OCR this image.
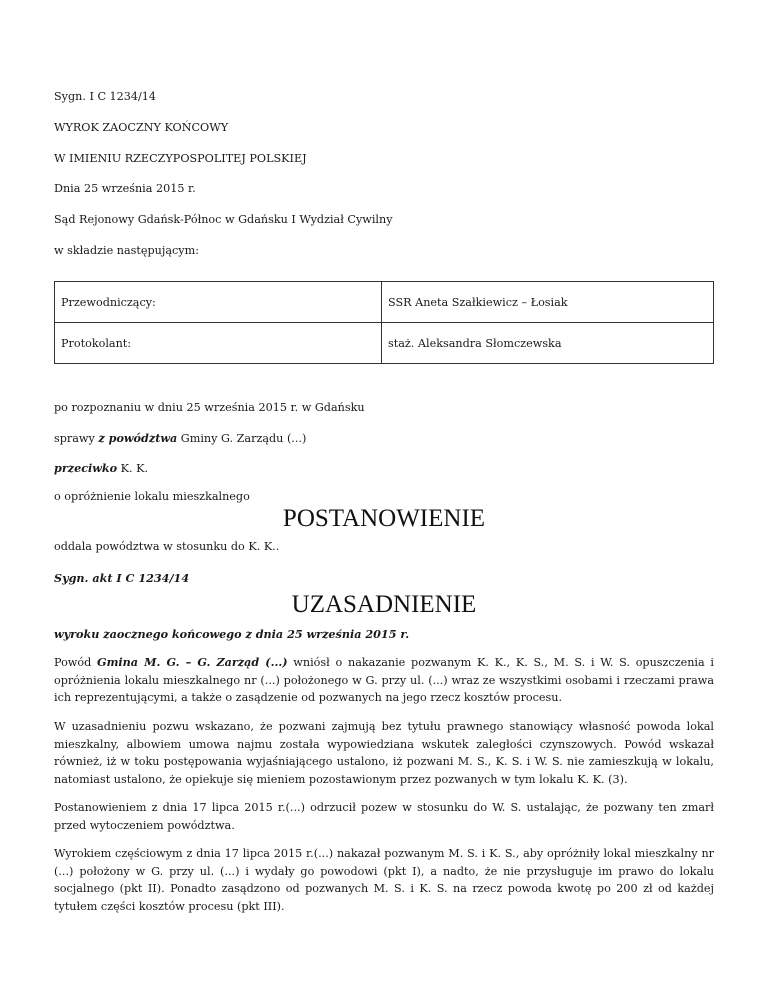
Sygn. I C 1234/14
WYROK ZAOCZNY KOŃCOWY
W IMIENIU RZECZYPOSPOLITEJ POLSKIEJ
Dnia 25 września 2015 r.
Sąd Rejonowy Gdańsk-Północ w Gdańsku I Wydział Cywilny
w składzie następującym:
Przewodniczący:	SSR Aneta Szałkiewicz – Łosiak
Protokolant:	staż. Aleksandra Słomczewska
po rozpoznaniu w dniu 25 września 2015 r. w Gdańsku
sprawy z powództwa Gminy G. Zarządu (...)
przeciwko K. K.
o opróżnienie lokalu mieszkalnego
POSTANOWIENIE
oddala powództwa w stosunku do K. K..
Sygn. akt I C 1234/14
UZASADNIENIE
wyroku zaocznego końcowego z dnia 25 września 2015 r.
Powód Gmina M. G. – G. Zarząd (...) wniósł o nakazanie pozwanym K. K., K. S., M. S. i W. S. opuszczenia i opróżnienia lokalu mieszkalnego nr (...) położonego w G. przy ul. (...) wraz ze wszystkimi osobami i rzeczami prawa ich reprezentującymi, a także o zasądzenie od pozwanych na jego rzecz kosztów procesu.
W uzasadnieniu pozwu wskazano, że pozwani zajmują bez tytułu prawnego stanowiący własność powoda lokal mieszkalny, albowiem umowa najmu została wypowiedziana wskutek zaległości czynszowych. Powód wskazał również, iż w toku postępowania wyjaśniającego ustalono, iż pozwani M. S., K. S. i W. S. nie zamieszkują w lokalu, natomiast ustalono, że opiekuje się mieniem pozostawionym przez pozwanych w tym lokalu K. K. (3).
Postanowieniem z dnia 17 lipca 2015 r.(...) odrzucił pozew w stosunku do W. S. ustalając, że pozwany ten zmarł przed wytoczeniem powództwa.
Wyrokiem częściowym z dnia 17 lipca 2015 r.(...) nakazał pozwanym M. S. i K. S., aby opróżniły lokal mieszkalny nr (...) położony w G. przy ul. (...) i wydały go powodowi (pkt I), a nadto, że nie przysługuje im prawo do lokalu socjalnego (pkt II). Ponadto zasądzono od pozwanych M. S. i K. S. na rzecz powoda kwotę po 200 zł od każdej tytułem części kosztów procesu (pkt III).
